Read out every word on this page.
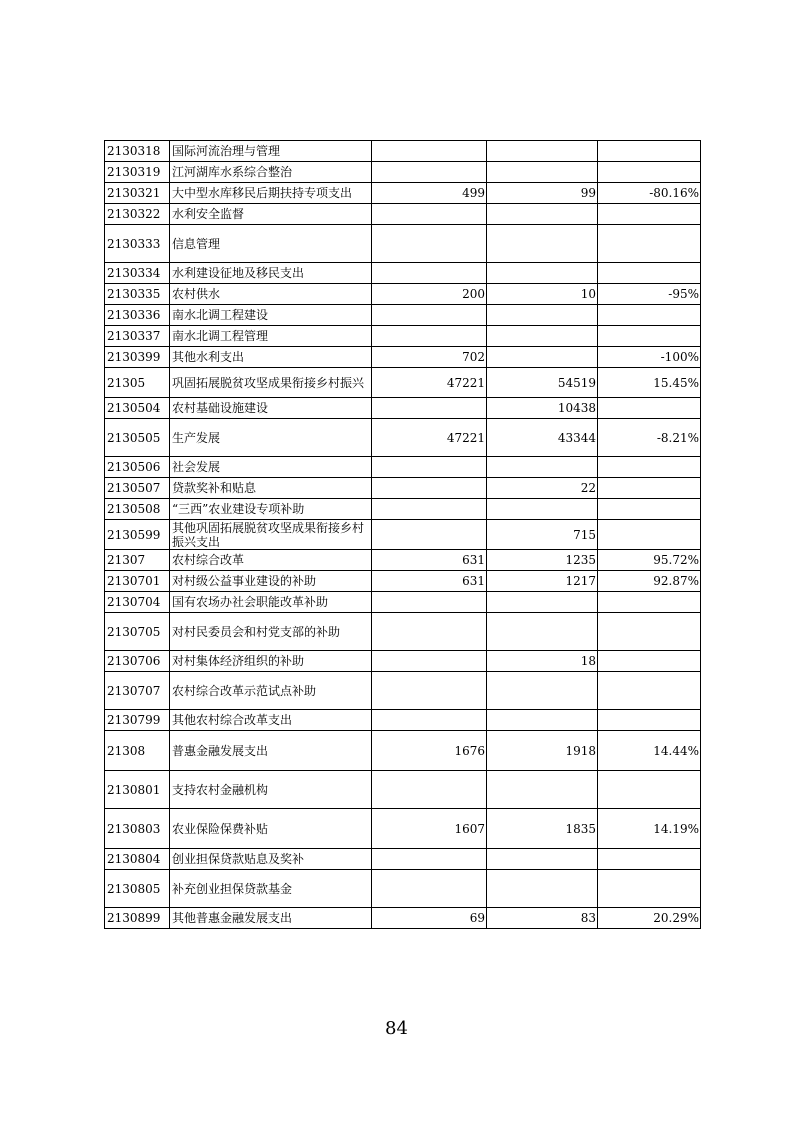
2130318	国际河流治理与管理			
2130319	江河湖库水系综合整治			
2130321	大中型水库移民后期扶持专项支出	499	99	-80.16%
2130322	水利安全监督			
2130333	信息管理			
2130334	水利建设征地及移民支出			
2130335	农村供水	200	10	-95%
2130336	南水北调工程建设			
2130337	南水北调工程管理			
2130399	其他水利支出	702		-100%
21305	巩固拓展脱贫攻坚成果衔接乡村振兴	47221	54519	15.45%
2130504	农村基础设施建设		10438	
2130505	生产发展	47221	43344	-8.21%
2130506	社会发展			
2130507	贷款奖补和贴息		22	
2130508	“三西”农业建设专项补助			
2130599	其他巩固拓展脱贫攻坚成果衔接乡村振兴支出		715	
21307	农村综合改革	631	1235	95.72%
2130701	对村级公益事业建设的补助	631	1217	92.87%
2130704	国有农场办社会职能改革补助			
2130705	对村民委员会和村党支部的补助			
2130706	对村集体经济组织的补助		18	
2130707	农村综合改革示范试点补助			
2130799	其他农村综合改革支出			
21308	普惠金融发展支出	1676	1918	14.44%
2130801	支持农村金融机构			
2130803	农业保险保费补贴	1607	1835	14.19%
2130804	创业担保贷款贴息及奖补			
2130805	补充创业担保贷款基金			
2130899	其他普惠金融发展支出	69	83	20.29%
84
